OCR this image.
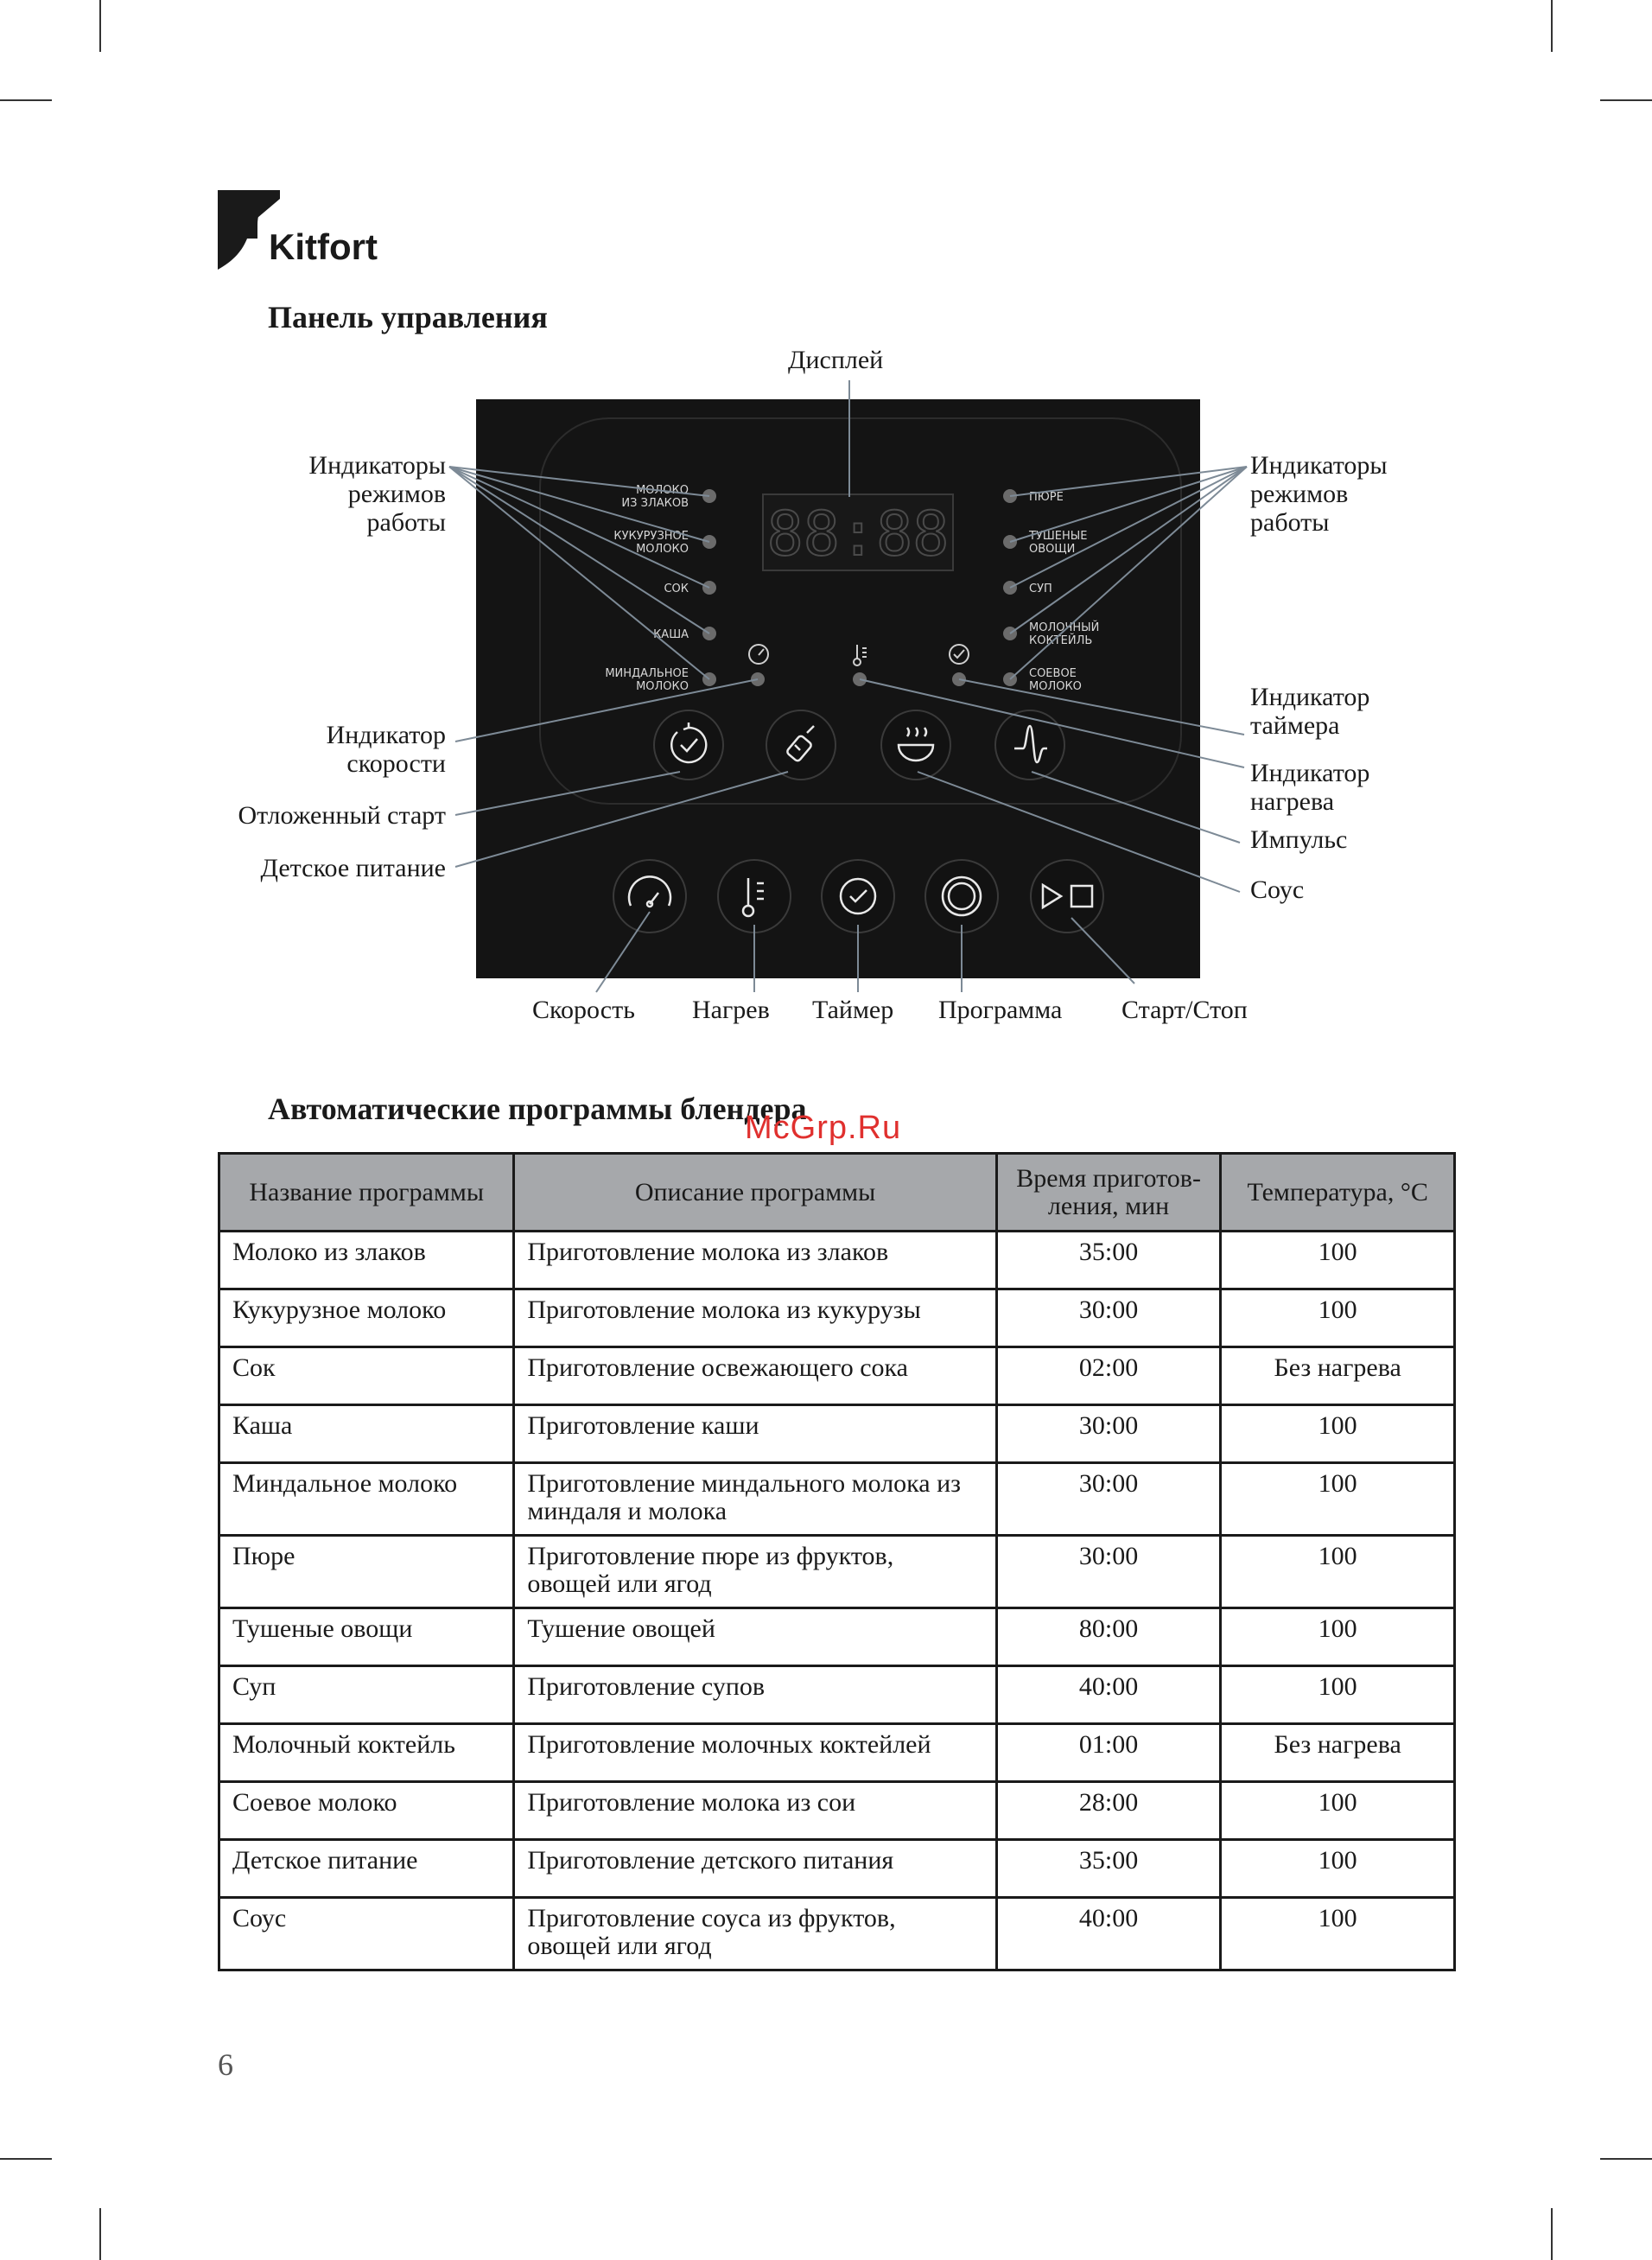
Kitfort
Панель управления
88:88
МОЛОКО
ИЗ ЗЛАКОВ
КУКУРУЗНОЕ
МОЛОКО
СОК
КАША
МИНДАЛЬНОЕ
МОЛОКО
ПЮРЕ
ТУШЕНЫЕ
ОВОЩИ
СУП
МОЛОЧНЫЙ
КОКТЕЙЛЬ
СОЕВОЕ
МОЛОКО
Дисплей
Индикаторы
режимов
работы
Индикаторы
режимов
работы
Индикатор
скорости
Отложенный старт
Детское питание
Индикатор
таймера
Индикатор
нагрева
Импульс
Соус
Скорость Нагрев Таймер Программа Старт/Стоп
Автоматические программы блендера
McGrp.Ru
Название программы	Описание программы	Время приготов-ления, мин	Температура, °С
Молоко из злаков	Приготовление молока из злаков	35:00	100
Кукурузное молоко	Приготовление молока из кукурузы	30:00	100
Сок	Приготовление освежающего сока	02:00	Без нагрева
Каша	Приготовление каши	30:00	100
Миндальное молоко	Приготовление миндального молока из миндаля и молока	30:00	100
Пюре	Приготовление пюре из фруктов, овощей или ягод	30:00	100
Тушеные овощи	Тушение овощей	80:00	100
Суп	Приготовление супов	40:00	100
Молочный коктейль	Приготовление молочных коктейлей	01:00	Без нагрева
Соевое молоко	Приготовление молока из сои	28:00	100
Детское питание	Приготовление детского питания	35:00	100
Соус	Приготовление соуса из фруктов, овощей или ягод	40:00	100
6
